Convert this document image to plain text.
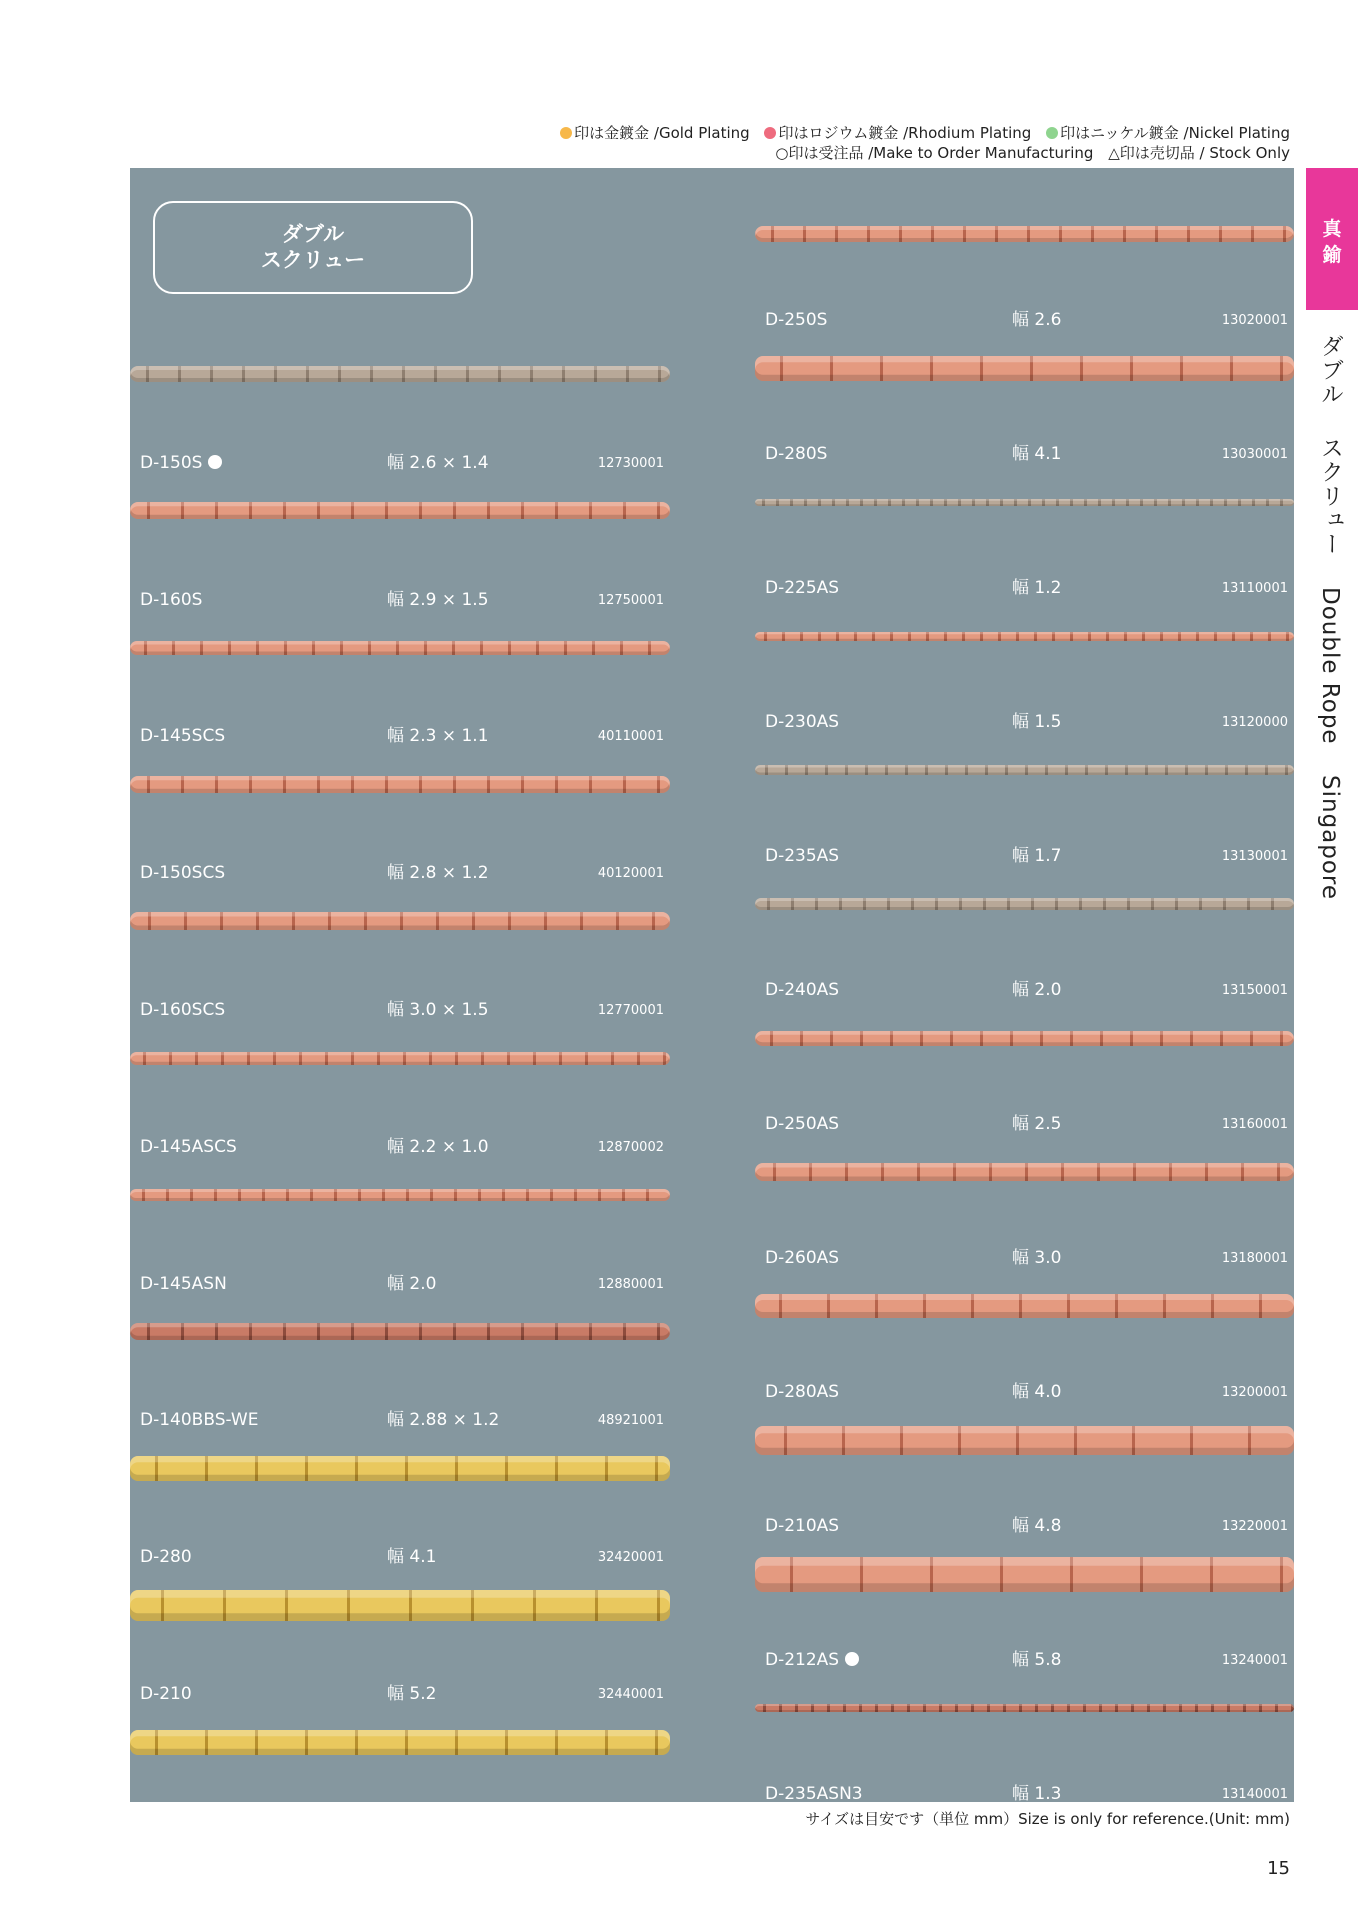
印は金鍍金 /Gold Plating 印はロジウム鍍金 /Rhodium Plating 印はニッケル鍍金 /Nickel Plating
○印は受注品 /Make to Order Manufacturing △印は売切品 / Stock Only
ダブル
スクリュー
D-150S	幅 2.6 × 1.4	12730001
D-160S	幅 2.9 × 1.5	12750001
D-145SCS	幅 2.3 × 1.1	40110001
D-150SCS	幅 2.8 × 1.2	40120001
D-160SCS	幅 3.0 × 1.5	12770001
D-145ASCS	幅 2.2 × 1.0	12870002
D-145ASN	幅 2.0	12880001
D-140BBS-WE	幅 2.88 × 1.2	48921001
D-280	幅 4.1	32420001
D-210	幅 5.2	32440001
D-280W	幅 4.1	32430001
D-250S	幅 2.6	13020001
D-280S	幅 4.1	13030001
D-225AS	幅 1.2	13110001
D-230AS	幅 1.5	13120000
D-235AS	幅 1.7	13130001
D-240AS	幅 2.0	13150001
D-250AS	幅 2.5	13160001
D-260AS	幅 3.0	13180001
D-280AS	幅 4.0	13200001
D-210AS	幅 4.8	13220001
D-212AS	幅 5.8	13240001
D-235ASN3	幅 1.3	13140001
真
鍮
ダブル スクリュー Double Rope Singapore
サイズは目安です（単位 mm）Size is only for reference.(Unit: mm)
15
